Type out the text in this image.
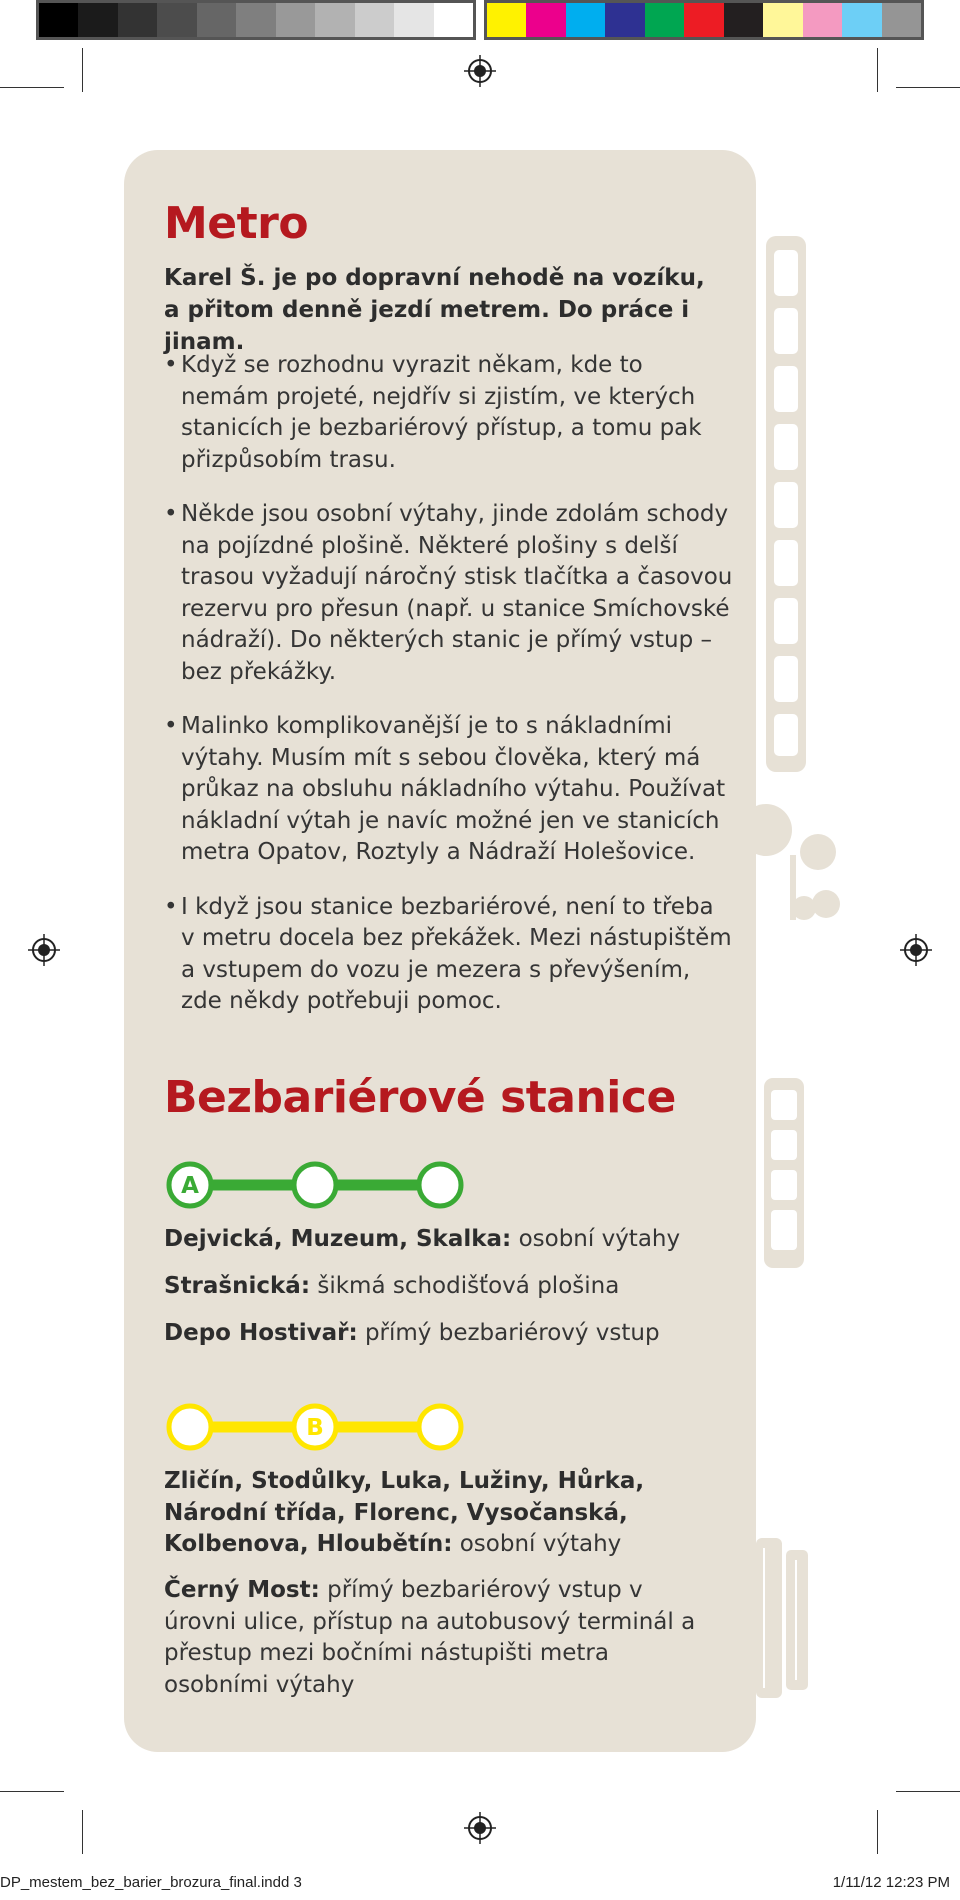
Metro
Karel Š. je po dopravní nehodě na vozíku, a přitom denně jezdí metrem. Do práce i jinam.
• Když se rozhodnu vyrazit někam, kde to nemám projeté, nejdřív si zjistím, ve kterých stanicích je bezbariérový přístup, a tomu pak přizpůsobím trasu.
• Někde jsou osobní výtahy, jinde zdolám schody na pojízdné plošině. Některé plošiny s delší trasou vyžadují náročný stisk tlačítka a časovou rezervu pro přesun (např. u stanice Smíchovské nádraží). Do některých stanic je přímý vstup – bez překážky.
• Malinko komplikovanější je to s nákladními výtahy. Musím mít s sebou člověka, který má průkaz na obsluhu nákladního výtahu. Používat nákladní výtah je navíc možné jen ve stanicích metra Opatov, Roztyly a Nádraží Holešovice.
• I když jsou stanice bezbariérové, není to třeba v metru docela bez překážek. Mezi nástupištěm a vstupem do vozu je mezera s převýšením, zde někdy potřebuji pomoc.
Bezbariérové stanice
A
Dejvická, Muzeum, Skalka: osobní výtahy
Strašnická: šikmá schodišťová plošina
Depo Hostivař: přímý bezbariérový vstup
B
Zličín, Stodůlky, Luka, Lužiny, Hůrka, Národní třída, Florenc, Vysočanská, Kolbenova, Hloubětín: osobní výtahy
Černý Most: přímý bezbariérový vstup v úrovni ulice, přístup na autobusový terminál a přestup mezi bočními nástupišti metra osobními výtahy
DP_mestem_bez_barier_brozura_final.indd 3	1/11/12 12:23 PM
